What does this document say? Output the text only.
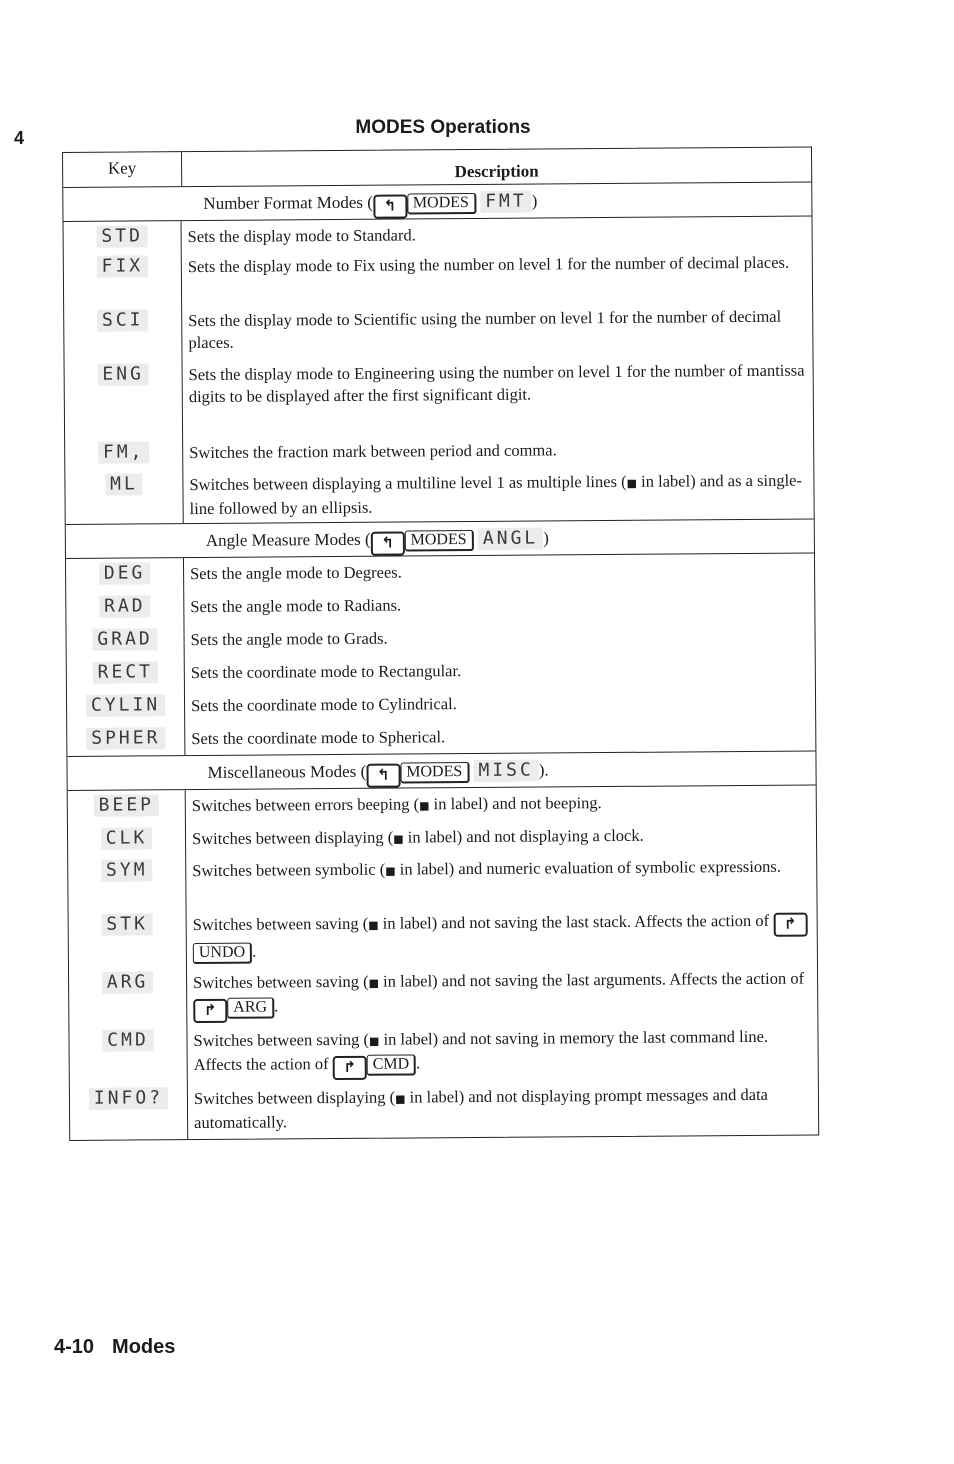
4	MODES Operations
Key	Description
Number Format Modes ( ↰ MODES FMT )
STD	Sets the display mode to Standard.
FIX	Sets the display mode to Fix using the number on level 1 for the number of decimal places.
SCI	Sets the display mode to Scientific using the number on level 1 for the number of decimal places.
ENG	Sets the display mode to Engineering using the number on level 1 for the number of mantissa digits to be displayed after the first significant digit.
FM,	Switches the fraction mark between period and comma.
ML	Switches between displaying a multiline level 1 as multiple lines (■ in label) and as a single-line followed by an ellipsis.
Angle Measure Modes ( ↰ MODES ANGL )
DEG	Sets the angle mode to Degrees.
RAD	Sets the angle mode to Radians.
GRAD	Sets the angle mode to Grads.
RECT	Sets the coordinate mode to Rectangular.
CYLIN	Sets the coordinate mode to Cylindrical.
SPHER	Sets the coordinate mode to Spherical.
Miscellaneous Modes ( ↰ MODES MISC ).
BEEP	Switches between errors beeping (■ in label) and not beeping.
CLK	Switches between displaying (■ in label) and not displaying a clock.
SYM	Switches between symbolic (■ in label) and numeric evaluation of symbolic expressions.
STK	Switches between saving (■ in label) and not saving the last stack. Affects the action of ↱UNDO .
ARG	Switches between saving (■ in label) and not saving the last arguments. Affects the action of ↱ ARG .
CMD	Switches between saving (■ in label) and not saving in memory the last command line. Affects the action of ↱ CMD .
INFO?	Switches between displaying (■ in label) and not displaying prompt messages and data automatically.
4-10 Modes
